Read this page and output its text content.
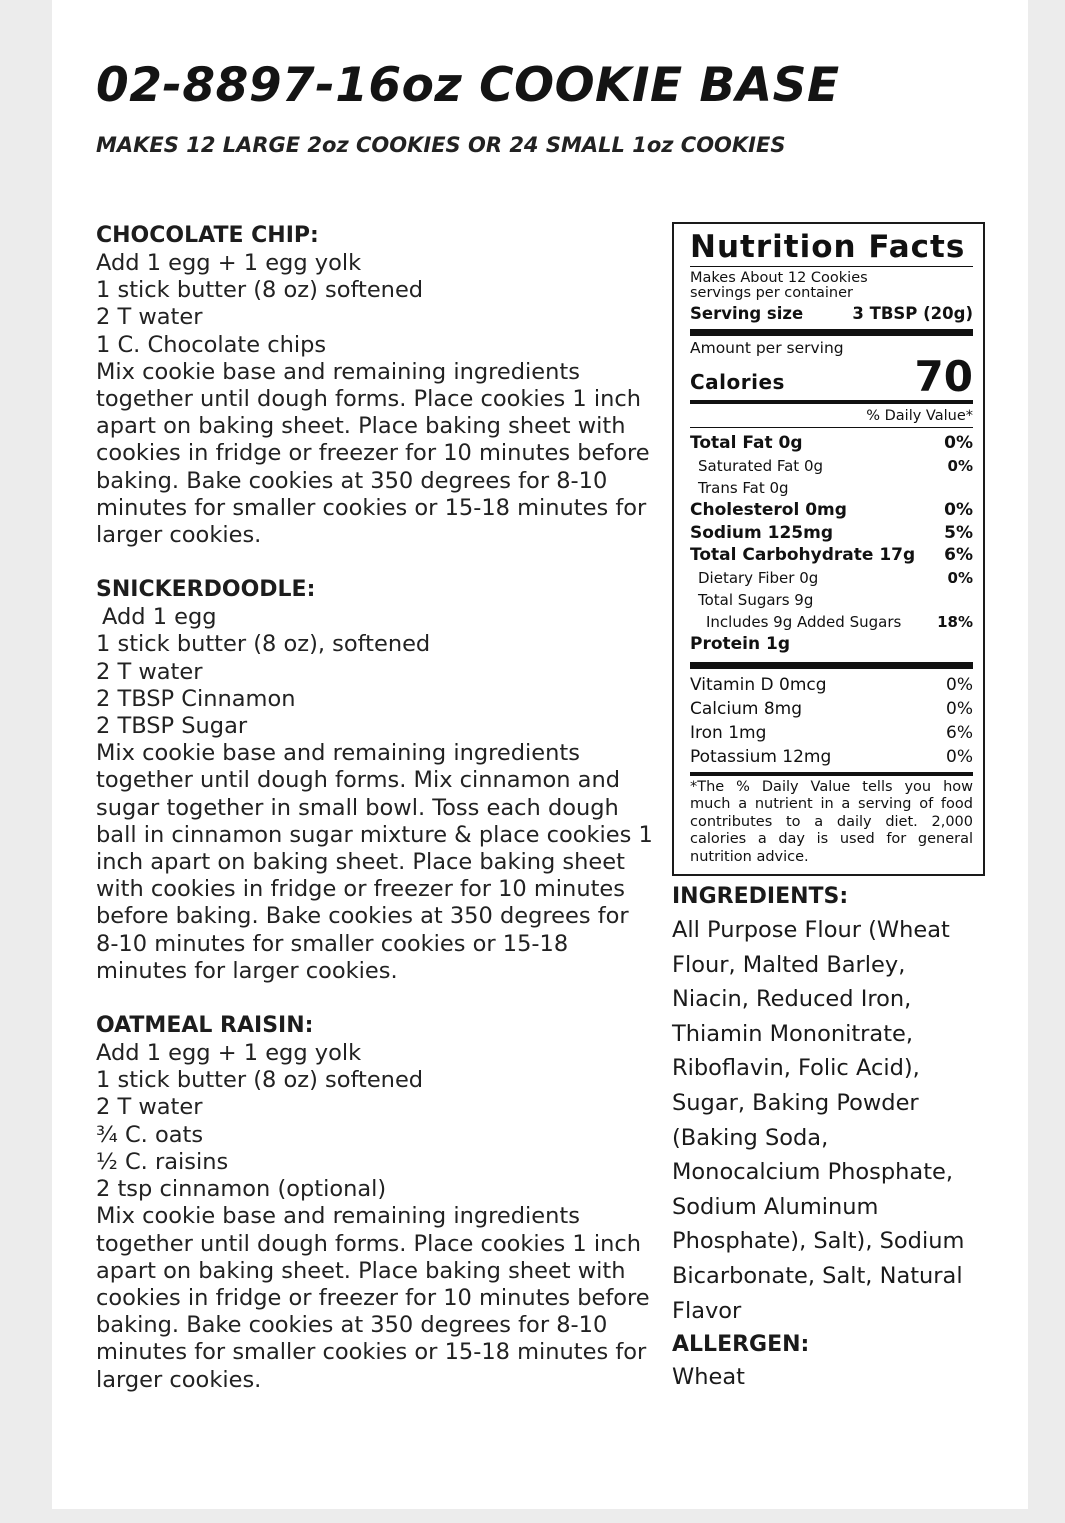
02-8897-16oz COOKIE BASE
MAKES 12 LARGE 2oz COOKIES OR 24 SMALL 1oz COOKIES
CHOCOLATE CHIP:
Add 1 egg + 1 egg yolk
1 stick butter (8 oz) softened
2 T water
1 C. Chocolate chips

Mix cookie base and remaining ingredients together until dough forms. Place cookies 1 inch apart on baking sheet. Place baking sheet with cookies in fridge or freezer for 10 minutes before baking. Bake cookies at 350 degrees for 8-10 minutes for smaller cookies or 15-18 minutes for larger cookies.

SNICKERDOODLE:
Add 1 egg
1 stick butter (8 oz), softened
2 T water
2 TBSP Cinnamon
2 TBSP Sugar

Mix cookie base and remaining ingredients together until dough forms. Mix cinnamon and sugar together in small bowl. Toss each dough ball in cinnamon sugar mixture & place cookies 1 inch apart on baking sheet. Place baking sheet with cookies in fridge or freezer for 10 minutes before baking. Bake cookies at 350 degrees for 8-10 minutes for smaller cookies or 15-18 minutes for larger cookies.

OATMEAL RAISIN:
Add 1 egg + 1 egg yolk
1 stick butter (8 oz) softened
2 T water
¾ C. oats
½ C. raisins
2 tsp cinnamon (optional)

Mix cookie base and remaining ingredients together until dough forms. Place cookies 1 inch apart on baking sheet. Place baking sheet with cookies in fridge or freezer for 10 minutes before baking. Bake cookies at 350 degrees for 8-10 minutes for smaller cookies or 15-18 minutes for larger cookies.

Nutrition Facts
Makes About 12 Cookies
servings per container
Serving size	3 TBSP (20g)
Amount per serving
Calories	70
% Daily Value*
Total Fat 0g	0%
Saturated Fat 0g	0%
Trans Fat 0g
Cholesterol 0mg	0%
Sodium 125mg	5%
Total Carbohydrate 17g 6%
Dietary Fiber 0g	0%
Total Sugars 9g
Includes 9g Added Sugars 18%
Protein 1g
Vitamin D 0mcg	0%
Calcium 8mg	0%
Iron 1mg	6%
Potassium 12mg	0%
*The % Daily Value tells you how much a nutrient in a serving of food contributes to a daily diet. 2,000 calories a day is used for general nutrition advice.
INGREDIENTS:
All Purpose Flour (Wheat Flour, Malted Barley, Niacin, Reduced Iron, Thiamin Mononitrate, Riboflavin, Folic Acid), Sugar, Baking Powder (Baking Soda, Monocalcium Phosphate, Sodium Aluminum Phosphate), Salt), Sodium Bicarbonate, Salt, Natural Flavor
ALLERGEN:
Wheat
